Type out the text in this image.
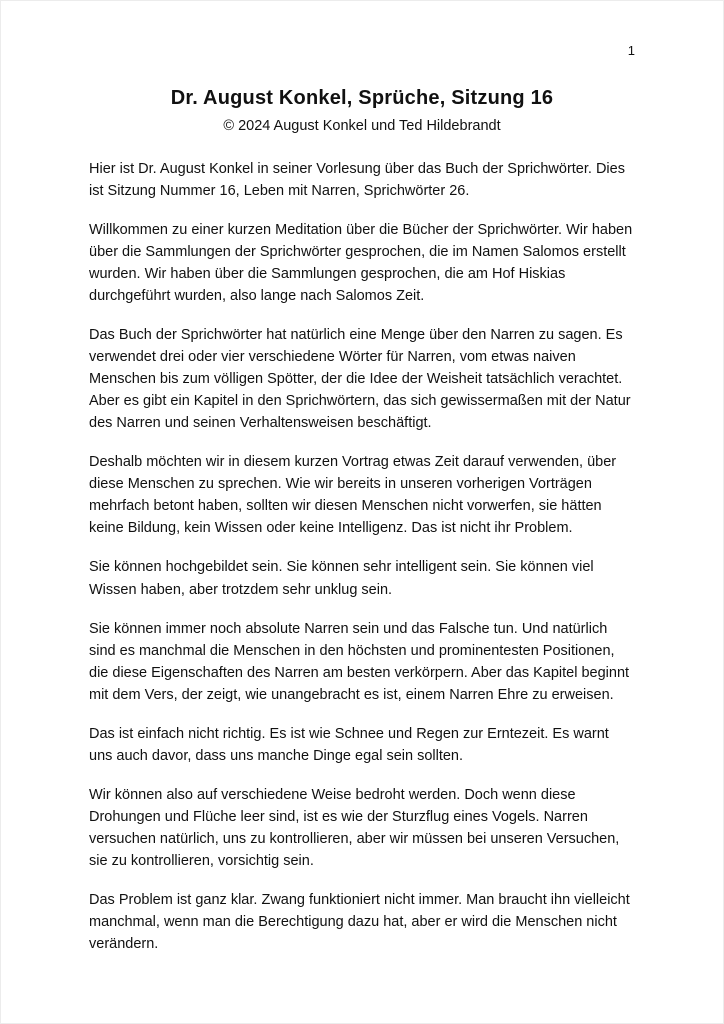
1
Dr. August Konkel, Sprüche, Sitzung 16
© 2024 August Konkel und Ted Hildebrandt

Hier ist Dr. August Konkel in seiner Vorlesung über das Buch der Sprichwörter. Dies ist Sitzung Nummer 16, Leben mit Narren, Sprichwörter 26.

Willkommen zu einer kurzen Meditation über die Bücher der Sprichwörter. Wir haben über die Sammlungen der Sprichwörter gesprochen, die im Namen Salomos erstellt wurden. Wir haben über die Sammlungen gesprochen, die am Hof Hiskias durchgeführt wurden, also lange nach Salomos Zeit.

Das Buch der Sprichwörter hat natürlich eine Menge über den Narren zu sagen. Es verwendet drei oder vier verschiedene Wörter für Narren, vom etwas naiven Menschen bis zum völligen Spötter, der die Idee der Weisheit tatsächlich verachtet. Aber es gibt ein Kapitel in den Sprichwörtern, das sich gewissermaßen mit der Natur des Narren und seinen Verhaltensweisen beschäftigt.

Deshalb möchten wir in diesem kurzen Vortrag etwas Zeit darauf verwenden, über diese Menschen zu sprechen. Wie wir bereits in unseren vorherigen Vorträgen mehrfach betont haben, sollten wir diesen Menschen nicht vorwerfen, sie hätten keine Bildung, kein Wissen oder keine Intelligenz. Das ist nicht ihr Problem.

Sie können hochgebildet sein. Sie können sehr intelligent sein. Sie können viel Wissen haben, aber trotzdem sehr unklug sein.

Sie können immer noch absolute Narren sein und das Falsche tun. Und natürlich sind es manchmal die Menschen in den höchsten und prominentesten Positionen, die diese Eigenschaften des Narren am besten verkörpern. Aber das Kapitel beginnt mit dem Vers, der zeigt, wie unangebracht es ist, einem Narren Ehre zu erweisen.

Das ist einfach nicht richtig. Es ist wie Schnee und Regen zur Erntezeit. Es warnt uns auch davor, dass uns manche Dinge egal sein sollten.

Wir können also auf verschiedene Weise bedroht werden. Doch wenn diese Drohungen und Flüche leer sind, ist es wie der Sturzflug eines Vogels. Narren versuchen natürlich, uns zu kontrollieren, aber wir müssen bei unseren Versuchen, sie zu kontrollieren, vorsichtig sein.

Das Problem ist ganz klar. Zwang funktioniert nicht immer. Man braucht ihn vielleicht manchmal, wenn man die Berechtigung dazu hat, aber er wird die Menschen nicht verändern.
